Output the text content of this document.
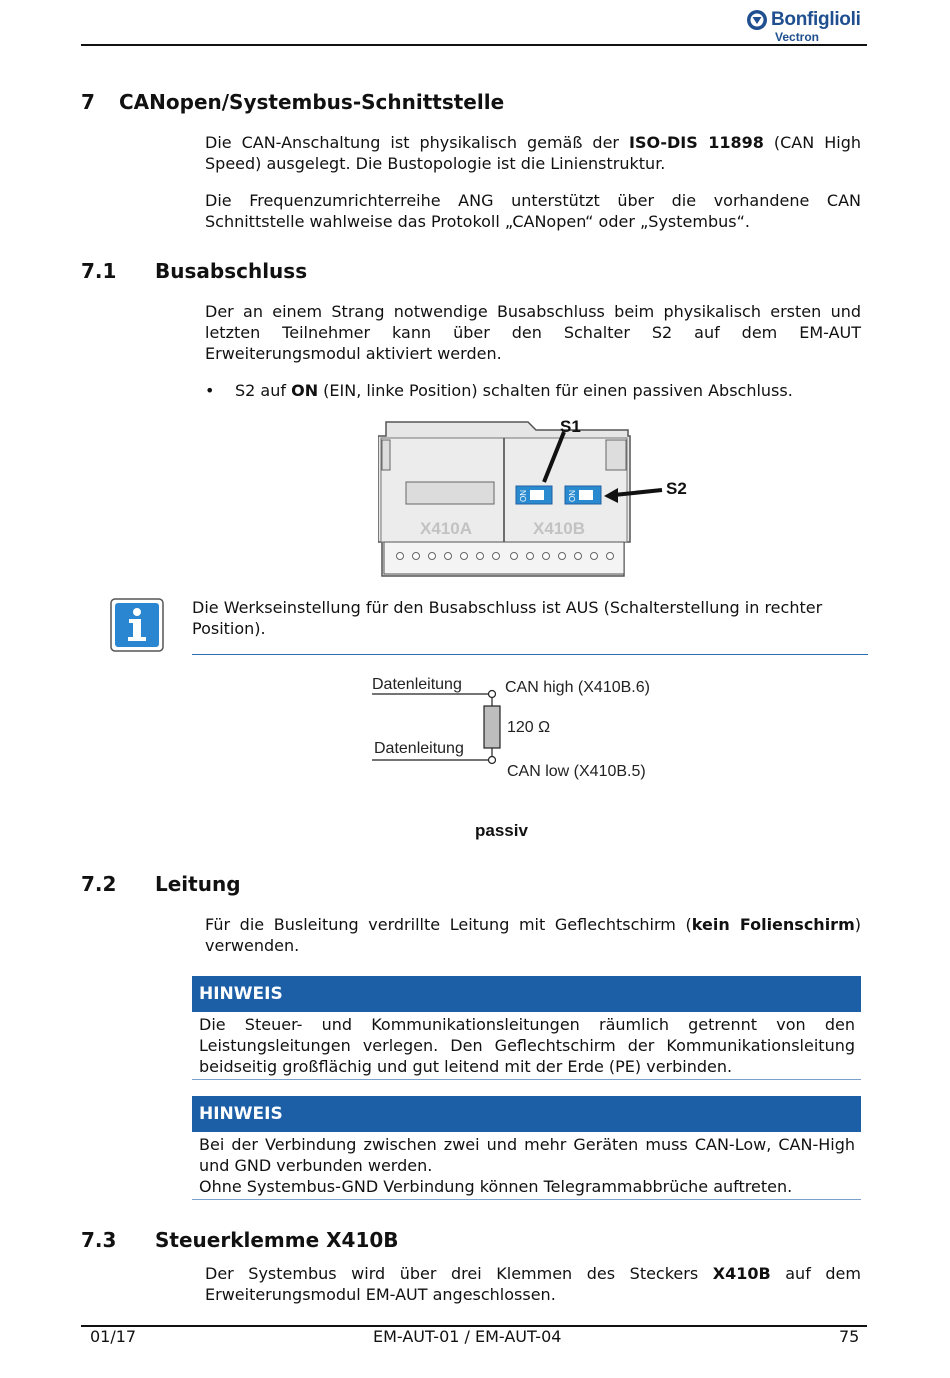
Bonfiglioli
Vectron
7 CANopen/Systembus-Schnittstelle

Die CAN-Anschaltung ist physikalisch gemäß der ISO-DIS 11898 (CAN High Speed) ausgelegt. Die Bustopologie ist die Linienstruktur.

Die Frequenzumrichterreihe ANG unterstützt über die vorhandene CAN Schnittstelle wahlweise das Protokoll „CANopen“ oder „Systembus“.

7.1 Busabschluss

Der an einem Strang notwendige Busabschluss beim physikalisch ersten und letzten Teilnehmer kann über den Schalter S2 auf dem EM-AUT Erweiterungsmodul aktiviert werden.

• S2 auf ON (EIN, linke Position) schalten für einen passiven Abschluss.
S1
S2
X410A	X410B
ON	ON
Die Werkseinstellung für den Busabschluss ist AUS (Schalterstellung in rechter Position).
Datenleitung
Datenleitung
CAN high (X410B.6)
120 Ω
CAN low (X410B.5)
passiv
7.2 Leitung

Für die Busleitung verdrillte Leitung mit Geflechtschirm (kein Folienschirm) verwenden.

HINWEIS

Die Steuer- und Kommunikationsleitungen räumlich getrennt von den Leistungsleitungen verlegen. Den Geflechtschirm der Kommunikationsleitung beidseitig großflächig und gut leitend mit der Erde (PE) verbinden.

HINWEIS

Bei der Verbindung zwischen zwei und mehr Geräten muss CAN-Low, CAN-High und GND verbunden werden.

Ohne Systembus-GND Verbindung können Telegrammabbrüche auftreten.

7.3 Steuerklemme X410B

Der Systembus wird über drei Klemmen des Steckers X410B auf dem Erweiterungsmodul EM-AUT angeschlossen.

01/17	EM-AUT-01 / EM-AUT-04	75
